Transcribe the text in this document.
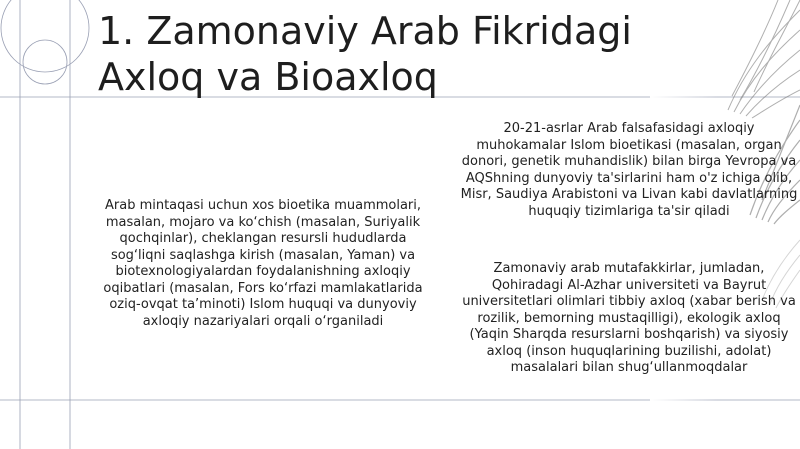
1. Zamonaviy Arab Fikridagi Axloq va Bioaxloq

Arab mintaqasi uchun xos bioetika muammolari, masalan, mojaro va ko‘chish (masalan, Suriyalik qochqinlar), cheklangan resursli hududlarda sog‘liqni saqlashga kirish (masalan, Yaman) va biotexnologiyalardan foydalanishning axloqiy oqibatlari (masalan, Fors ko‘rfazi mamlakatlarida oziq-ovqat ta’minoti) Islom huquqi va dunyoviy axloqiy nazariyalari orqali o‘rganiladi

20-21-asrlar Arab falsafasidagi axloqiy muhokamalar Islom bioetikasi (masalan, organ donori, genetik muhandislik) bilan birga Yevropa va AQShning dunyoviy ta'sirlarini ham o'z ichiga olib, Misr, Saudiya Arabistoni va Livan kabi davlatlarning huquqiy tizimlariga ta'sir qiladi

Zamonaviy arab mutafakkirlar, jumladan, Qohiradagi Al-Azhar universiteti va Bayrut universitetlari olimlari tibbiy axloq (xabar berish va rozilik, bemorning mustaqilligi), ekologik axloq (Yaqin Sharqda resurslarni boshqarish) va siyosiy axloq (inson huquqlarining buzilishi, adolat) masalalari bilan shug‘ullanmoqdalar
